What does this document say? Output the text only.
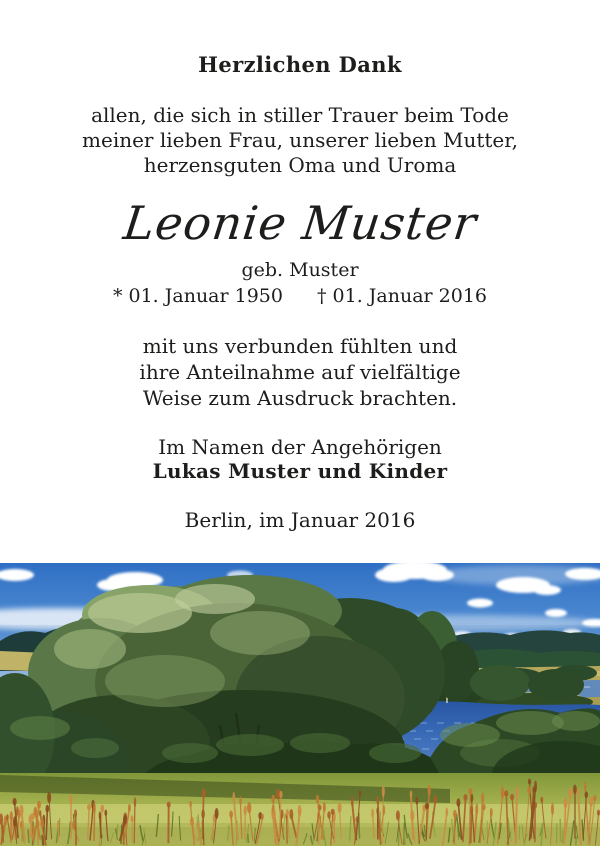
Herzlichen Dank
allen, die sich in stiller Trauer beim Tode
meiner lieben Frau, unserer lieben Mutter,
herzensguten Oma und Uroma
Leonie Muster
geb. Muster
* 01. Januar 1950 † 01. Januar 2016
mit uns verbunden fühlten und
ihre Anteilnahme auf vielfältige
Weise zum Ausdruck brachten.
Im Namen der Angehörigen
Lukas Muster und Kinder
Berlin, im Januar 2016
